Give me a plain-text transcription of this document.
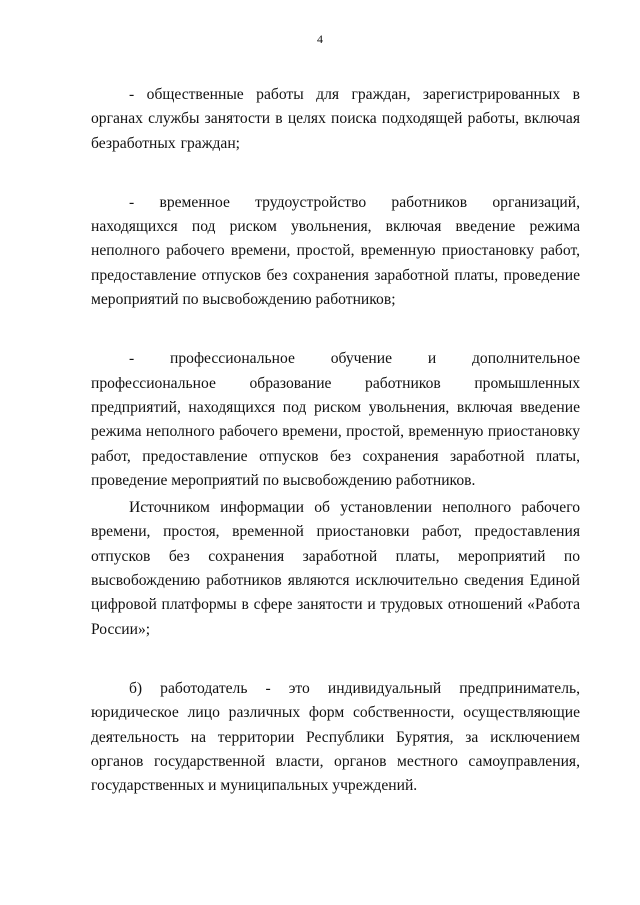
4

- общественные работы для граждан, зарегистрированных в органах службы занятости в целях поиска подходящей работы, включая безработных граждан;

- временное трудоустройство работников организаций, находящихся под риском увольнения, включая введение режима неполного рабочего времени, простой, временную приостановку работ, предоставление отпусков без сохранения заработной платы, проведение мероприятий по высвобождению работников;

- профессиональное обучение и дополнительное профессиональное образование работников промышленных предприятий, находящихся под риском увольнения, включая введение режима неполного рабочего времени, простой, временную приостановку работ, предоставление отпусков без сохранения заработной платы, проведение мероприятий по высвобождению работников.

Источником информации об установлении неполного рабочего времени, простоя, временной приостановки работ, предоставления отпусков без сохранения заработной платы, мероприятий по высвобождению работников являются исключительно сведения Единой цифровой платформы в сфере занятости и трудовых отношений «Работа России»;

б) работодатель - это индивидуальный предприниматель, юридическое лицо различных форм собственности, осуществляющие деятельность на территории Республики Бурятия, за исключением органов государственной власти, органов местного самоуправления, государственных и муниципальных учреждений.
